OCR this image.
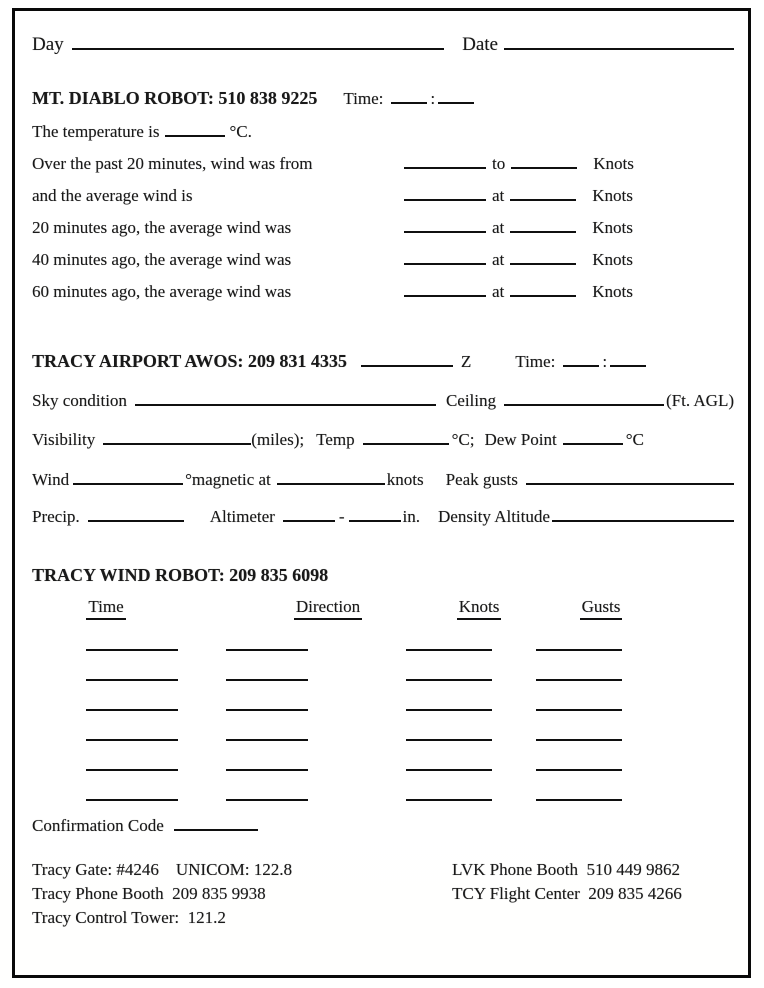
Day	Date
MT. DIABLO ROBOT: 510 838 9225 Time:	:
The temperature is	°C.
Over the past 20 minutes, wind was from	to	Knots
and the average wind is	at	Knots
20 minutes ago, the average wind was	at	Knots
40 minutes ago, the average wind was	at	Knots
60 minutes ago, the average wind was	at	Knots
TRACY AIRPORT AWOS: 209 831 4335	Z	Time:	:
Sky condition	Ceiling	(Ft. AGL)
Visibility	(miles); Temp	°C; Dew Point	°C
Wind	°magnetic at	knots Peak gusts
Precip.	Altimeter	-	in. Density Altitude
TRACY WIND ROBOT: 209 835 6098
Time	Direction	Knots	Gusts
Confirmation Code
Tracy Gate: #4246    UNICOM: 122.8
Tracy Phone Booth  209 835 9938
Tracy Control Tower:  121.2
LVK Phone Booth  510 449 9862
TCY Flight Center  209 835 4266
